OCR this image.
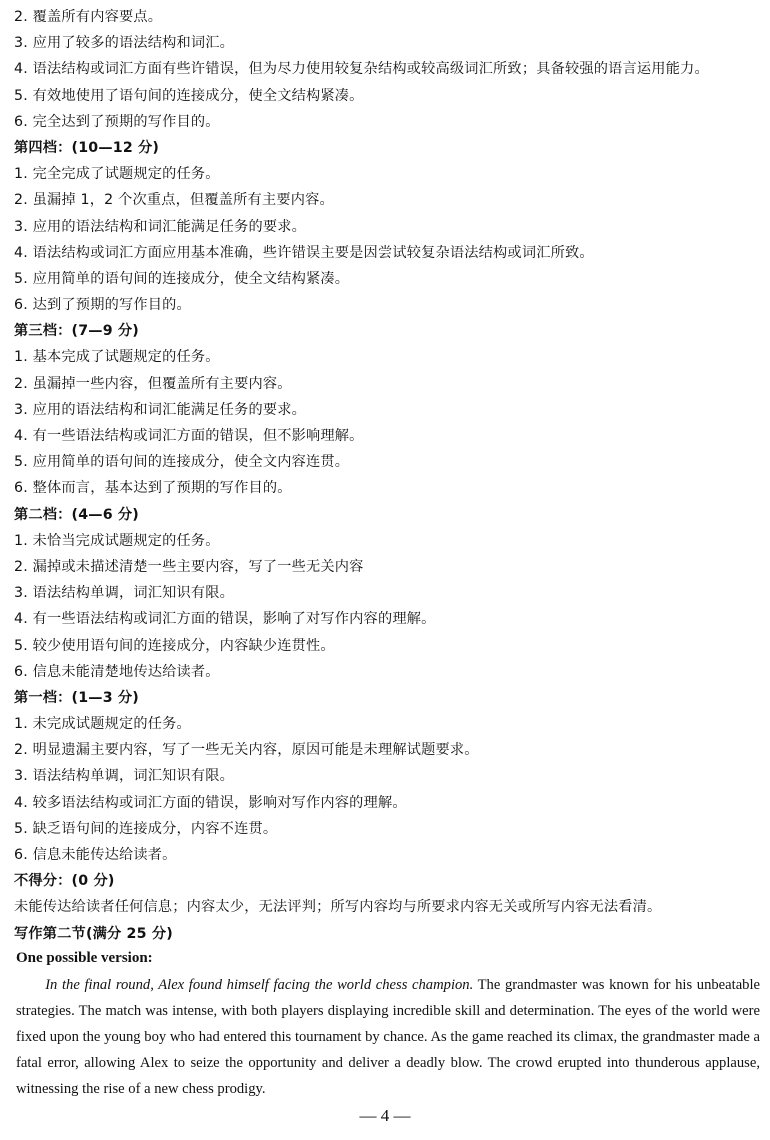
2. 覆盖所有内容要点。
3. 应用了较多的语法结构和词汇。
4. 语法结构或词汇方面有些许错误，但为尽力使用较复杂结构或较高级词汇所致；具备较强的语言运用能力。
5. 有效地使用了语句间的连接成分，使全文结构紧凑。
6. 完全达到了预期的写作目的。
第四档：(10—12 分)
1. 完全完成了试题规定的任务。
2. 虽漏掉 1，2 个次重点，但覆盖所有主要内容。
3. 应用的语法结构和词汇能满足任务的要求。
4. 语法结构或词汇方面应用基本准确，些许错误主要是因尝试较复杂语法结构或词汇所致。
5. 应用简单的语句间的连接成分，使全文结构紧凑。
6. 达到了预期的写作目的。
第三档：(7—9 分)
1. 基本完成了试题规定的任务。
2. 虽漏掉一些内容，但覆盖所有主要内容。
3. 应用的语法结构和词汇能满足任务的要求。
4. 有一些语法结构或词汇方面的错误，但不影响理解。
5. 应用简单的语句间的连接成分，使全文内容连贯。
6. 整体而言，基本达到了预期的写作目的。
第二档：(4—6 分)
1. 未恰当完成试题规定的任务。
2. 漏掉或未描述清楚一些主要内容，写了一些无关内容
3. 语法结构单调，词汇知识有限。
4. 有一些语法结构或词汇方面的错误，影响了对写作内容的理解。
5. 较少使用语句间的连接成分，内容缺少连贯性。
6. 信息未能清楚地传达给读者。
第一档：(1—3 分)
1. 未完成试题规定的任务。
2. 明显遗漏主要内容，写了一些无关内容，原因可能是未理解试题要求。
3. 语法结构单调，词汇知识有限。
4. 较多语法结构或词汇方面的错误，影响对写作内容的理解。
5. 缺乏语句间的连接成分，内容不连贯。
6. 信息未能传达给读者。
不得分：(0 分)
未能传达给读者任何信息；内容太少，无法评判；所写内容均与所要求内容无关或所写内容无法看清。
写作第二节(满分 25 分)
One possible version:

In the final round, Alex found himself facing the world chess champion. The grandmaster was known for his unbeatable strategies. The match was intense, with both players displaying incredible skill and determination. The eyes of the world were fixed upon the young boy who had entered this tournament by chance. As the game reached its climax, the grandmaster made a fatal error, allowing Alex to seize the opportunity and deliver a deadly blow. The crowd erupted into thunderous applause, witnessing the rise of a new chess prodigy.

— 4 —
